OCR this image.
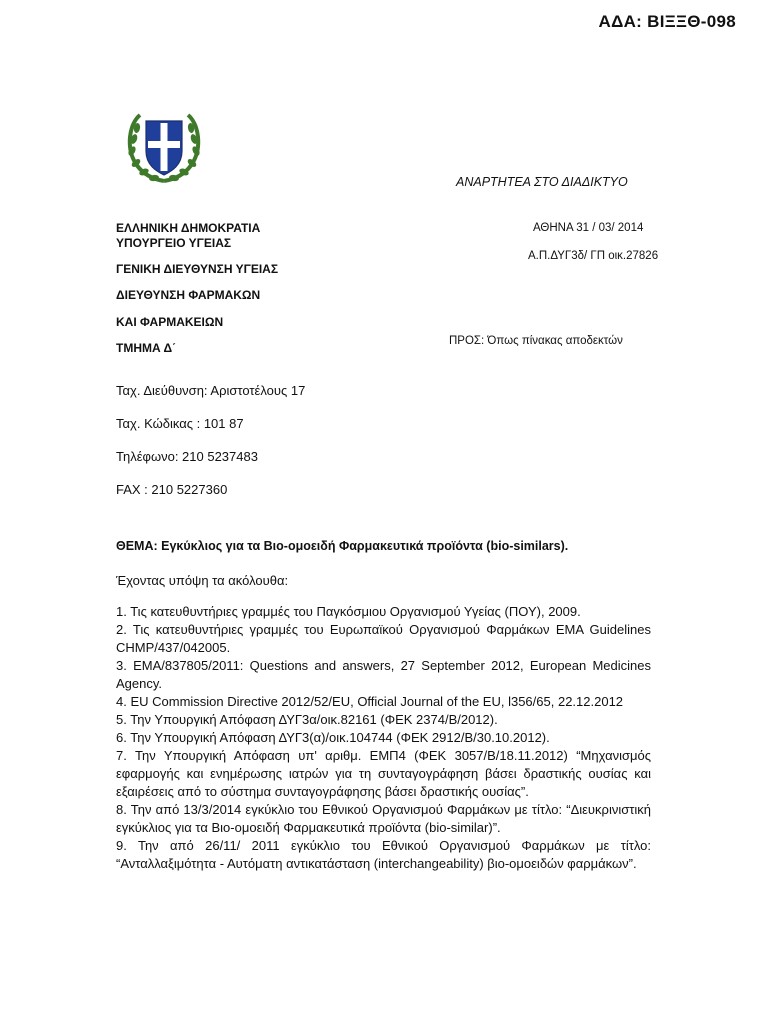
ΑΔΑ: ΒΙΞΞΘ-098
ΑΝΑΡΤΗΤΕΑ ΣΤΟ ΔΙΑΔΙΚΤΥΟ
ΕΛΛΗΝΙΚΗ ΔΗΜΟΚΡΑΤΙΑ
ΥΠΟΥΡΓΕΙΟ ΥΓΕΙΑΣ
ΓΕΝΙΚΗ ΔΙΕΥΘΥΝΣΗ ΥΓΕΙΑΣ
ΔΙΕΥΘΥΝΣΗ ΦΑΡΜΑΚΩΝ
ΚΑΙ ΦΑΡΜΑΚΕΙΩΝ
ΤΜΗΜΑ Δ΄
ΑΘΗΝΑ 31 / 03/ 2014
Α.Π.ΔΥΓ3δ/ ΓΠ οικ.27826
ΠΡΟΣ: Όπως πίνακας αποδεκτών
Ταχ. Διεύθυνση: Αριστοτέλους 17
Ταχ. Κώδικας : 101 87
Τηλέφωνο: 210 5237483
FAX : 210 5227360
ΘΕΜΑ: Εγκύκλιος για τα Βιο-ομοειδή Φαρμακευτικά προϊόντα (bio-similars).
Έχοντας υπόψη τα ακόλουθα:

1. Τις κατευθυντήριες γραμμές του Παγκόσμιου Οργανισμού Υγείας (ΠΟΥ), 2009.

2. Τις κατευθυντήριες γραμμές του Ευρωπαϊκού Οργανισμού Φαρμάκων EMA Guidelines CHMP/437/042005.

3. EMA/837805/2011: Questions and answers, 27 September 2012, European Medicines Agency.

4. EU Commission Directive 2012/52/EU, Official Journal of the EU, l356/65, 22.12.2012

5. Την Υπουργική Απόφαση ΔΥΓ3α/οικ.82161 (ΦΕΚ 2374/Β/2012).

6. Την Υπουργική Απόφαση ΔΥΓ3(α)/οικ.104744 (ΦΕΚ 2912/Β/30.10.2012).

7. Την Υπουργική Απόφαση υπ' αριθμ. ΕΜΠ4 (ΦΕΚ 3057/Β/18.11.2012) “Μηχανισμός εφαρμογής και ενημέρωσης ιατρών για τη συνταγογράφηση βάσει δραστικής ουσίας και εξαιρέσεις από το σύστημα συνταγογράφησης βάσει δραστικής ουσίας”.

8. Την από 13/3/2014 εγκύκλιο του Εθνικού Οργανισμού Φαρμάκων με τίτλο: “Διευκρινιστική εγκύκλιος για τα Βιο-ομοειδή Φαρμακευτικά προϊόντα (bio-similar)”.

9. Την από 26/11/ 2011 εγκύκλιο του Εθνικού Οργανισμού Φαρμάκων με τίτλο: “Ανταλλαξιμότητα - Αυτόματη αντικατάσταση (interchangeability) βιο-ομοειδών φαρμάκων”.
